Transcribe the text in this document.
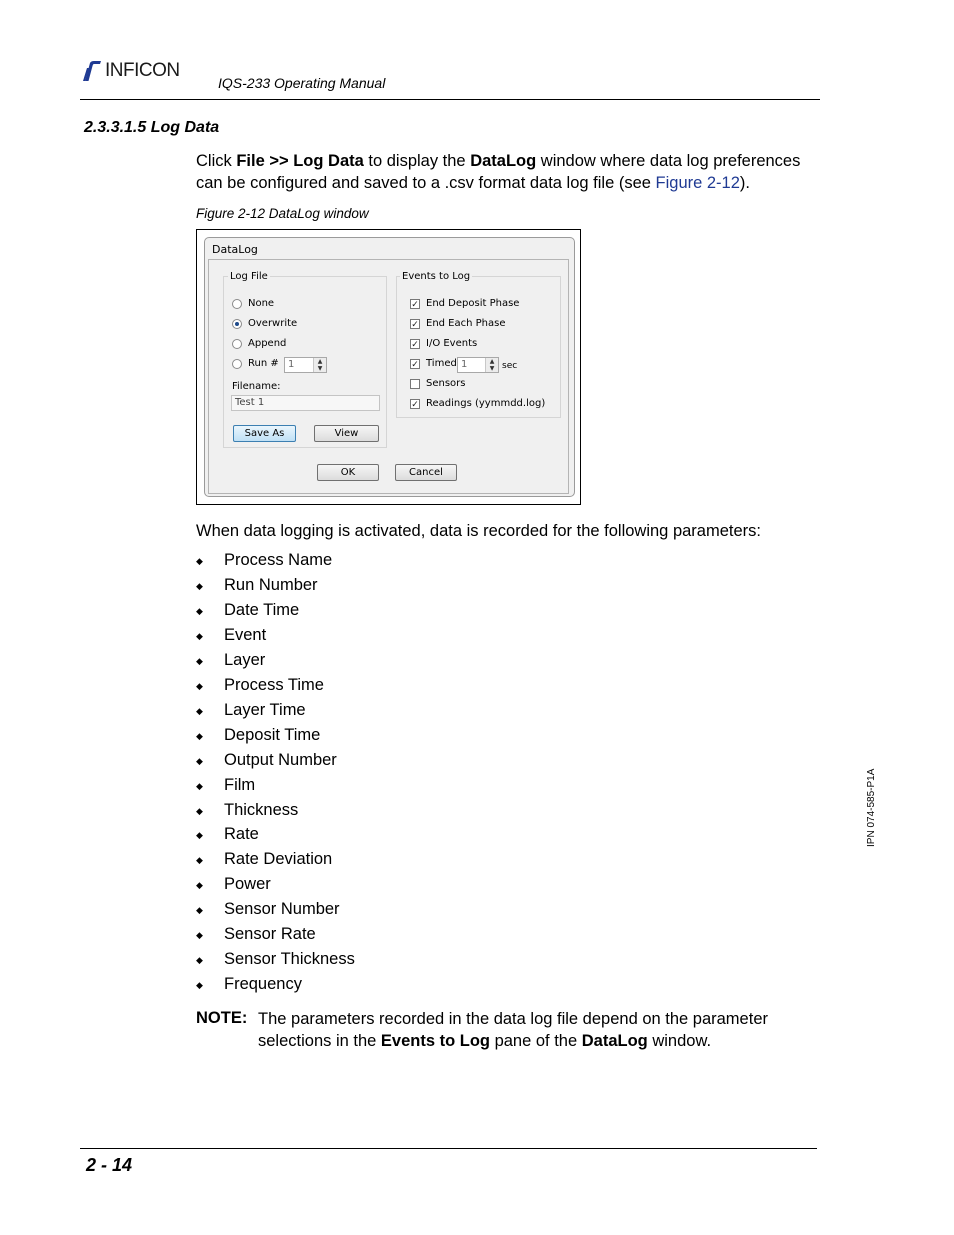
INFICON
IQS-233 Operating Manual
2.3.3.1.5 Log Data
Click File >> Log Data to display the DataLog window where data log preferences
can be configured and saved to a .csv format data log file (see Figure 2-12).
Figure 2-12 DataLog window
DataLog
Log File
None
Overwrite
Append
Run # 1	▲
▼
Filename:
Test 1
Save As	View
Events to Log
✓ End Deposit Phase
✓ End Each Phase
✓ I/O Events
✓ Timed 1	▲
▼ sec
Sensors
✓ Readings (yymmdd.log)
OK	Cancel
When data logging is activated, data is recorded for the following parameters:
◆ Process Name
◆ Run Number
◆ Date Time
◆ Event
◆ Layer
◆ Process Time
◆ Layer Time
◆ Deposit Time
◆ Output Number
◆ Film
◆ Thickness
◆ Rate
◆ Rate Deviation
◆ Power
◆ Sensor Number
◆ Sensor Rate
◆ Sensor Thickness
◆ Frequency
NOTE: The parameters recorded in the data log file depend on the parameter
selections in the Events to Log pane of the DataLog window.
2 - 14
IPN 074-585-P1A
